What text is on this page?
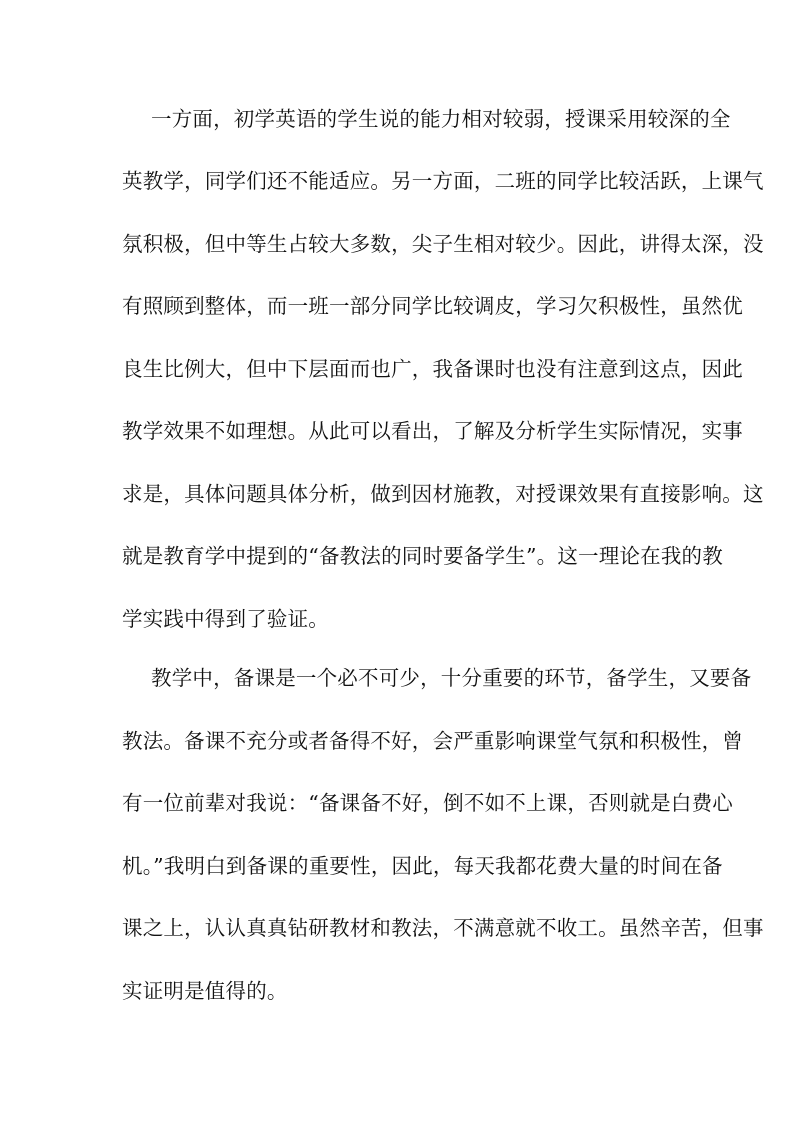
一方面，初学英语的学生说的能力相对较弱，授课采用较深的全
英教学，同学们还不能适应。另一方面，二班的同学比较活跃，上课气
氛积极，但中等生占较大多数，尖子生相对较少。因此，讲得太深，没
有照顾到整体，而一班一部分同学比较调皮，学习欠积极性，虽然优
良生比例大，但中下层面而也广，我备课时也没有注意到这点，因此
教学效果不如理想。从此可以看出，了解及分析学生实际情况，实事
求是，具体问题具体分析，做到因材施教，对授课效果有直接影响。这
就是教育学中提到的“备教法的同时要备学生”。这一理论在我的教
学实践中得到了验证。
教学中，备课是一个必不可少，十分重要的环节，备学生，又要备
教法。备课不充分或者备得不好，会严重影响课堂气氛和积极性，曾
有一位前辈对我说：“备课备不好，倒不如不上课，否则就是白费心
机。”我明白到备课的重要性，因此，每天我都花费大量的时间在备
课之上，认认真真钻研教材和教法，不满意就不收工。虽然辛苦，但事
实证明是值得的。
